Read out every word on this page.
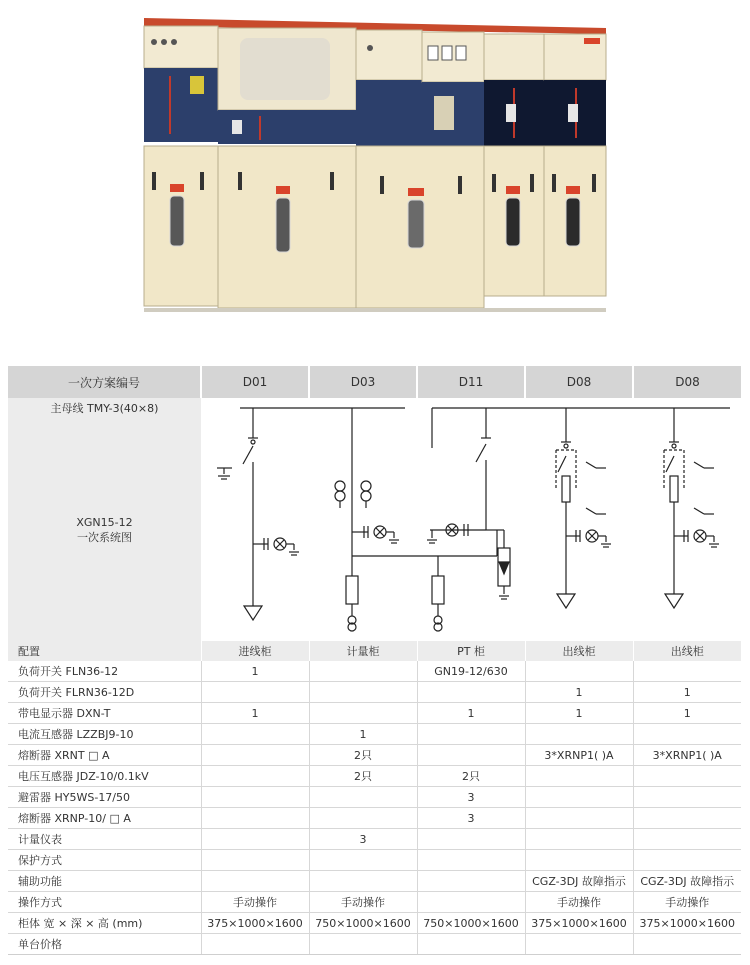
一次方案编号	D01	D03	D11	D08	D08
主母线 TMY-3(40×8)					
XGN15-12
一次系统图					
配置	进线柜	计量柜	PT 柜	出线柜	出线柜
负荷开关 FLN36-12	1		GN19-12/630		
负荷开关 FLRN36-12D				1	1
带电显示器 DXN-T	1		1	1	1
电流互感器 LZZBJ9-10		1			
熔断器 XRNT □ A		2只		3*XRNP1( )A	3*XRNP1( )A
电压互感器 JDZ-10/0.1kV		2只	2只		
避雷器 HY5WS-17/50			3		
熔断器 XRNP-10/ □ A			3		
计量仪表		3			
保护方式					
辅助功能				CGZ-3DJ 故障指示	CGZ-3DJ 故障指示
操作方式	手动操作	手动操作		手动操作	手动操作
柜体 宽 × 深 × 高 (mm)	375×1000×1600	750×1000×1600	750×1000×1600	375×1000×1600	375×1000×1600
单台价格					
